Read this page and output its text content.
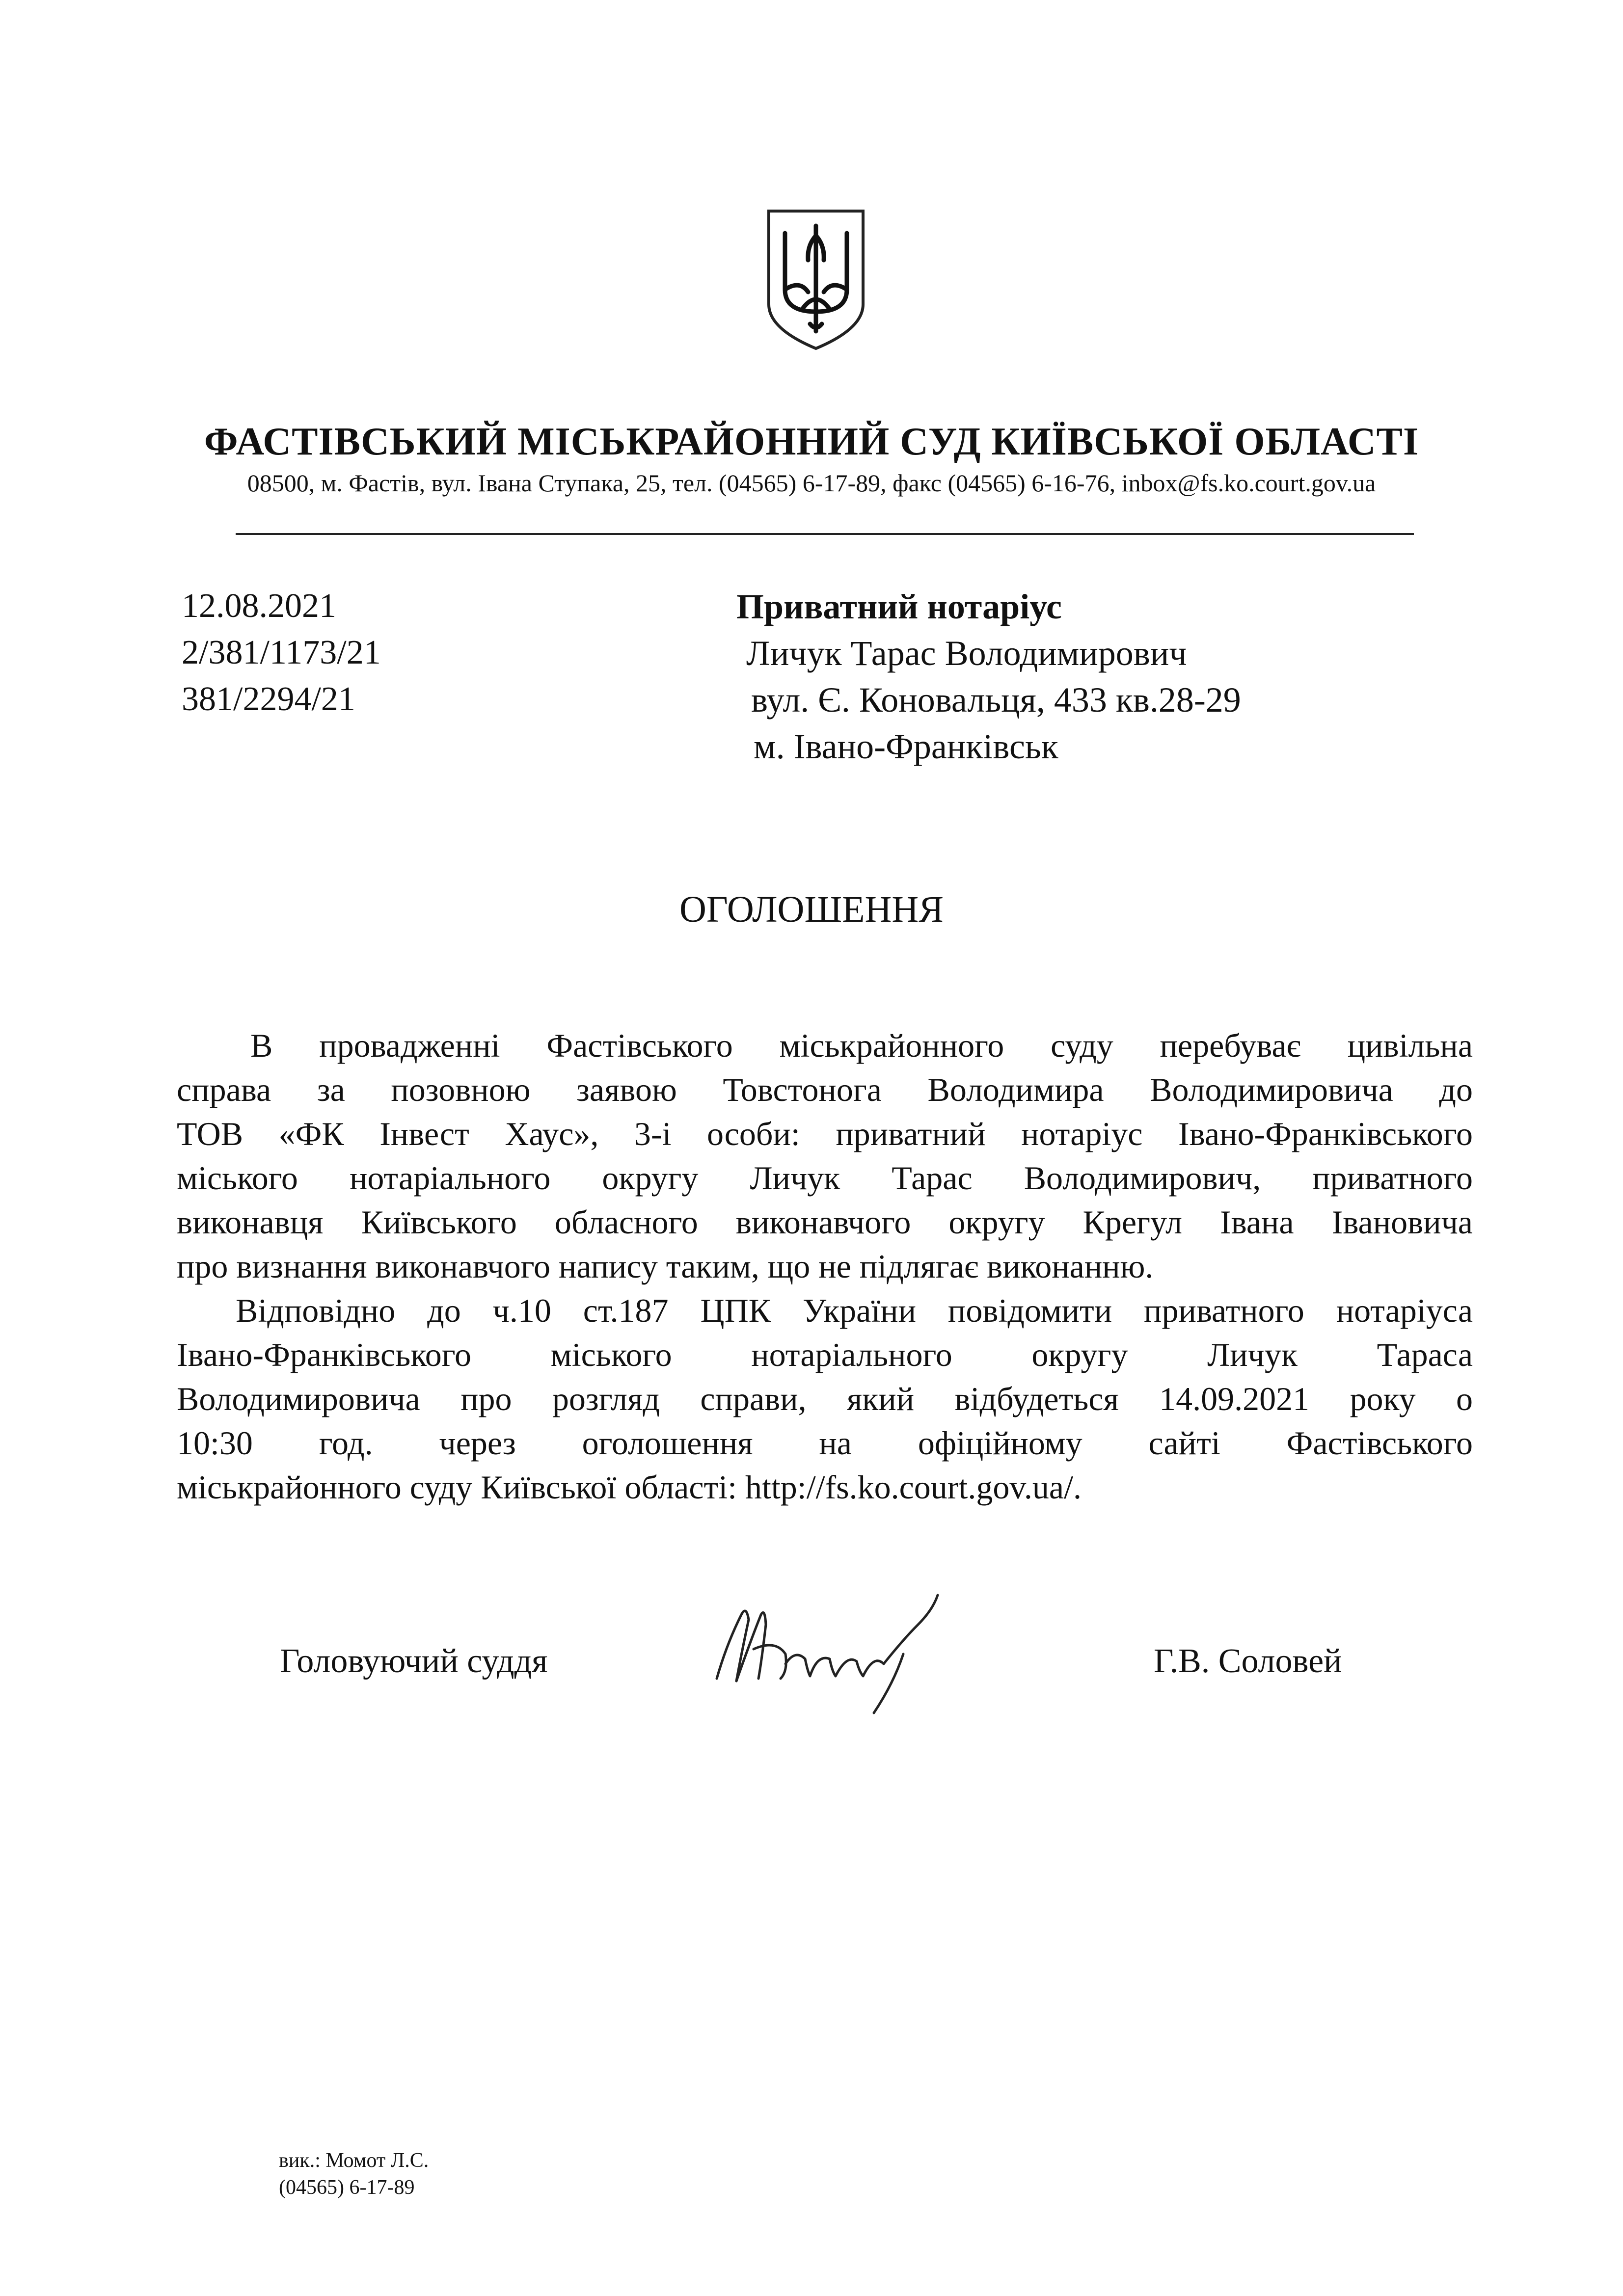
ФАСТІВСЬКИЙ МІСЬКРАЙОННИЙ СУД КИЇВСЬКОЇ ОБЛАСТІ
08500, м. Фастів, вул. Івана Ступака, 25, тел. (04565) 6-17-89, факс (04565) 6-16-76, inbox@fs.ko.court.gov.ua
12.08.2021
2/381/1173/21
381/2294/21
Приватний нотаріус
Личук Тарас Володимирович
вул. Є. Коновальця, 433 кв.28-29
м. Івано-Франківськ
ОГОЛОШЕННЯ
В провадженні Фастівського міськрайонного суду перебуває цивільна
справа за позовною заявою Товстонога Володимира Володимировича до
ТОВ «ФК Інвест Хаус», 3-і особи: приватний нотаріус Івано-Франківського
міського нотаріального округу Личук Тарас Володимирович, приватного
виконавця Київського обласного виконавчого округу Крегул Івана Івановича
про визнання виконавчого напису таким, що не підлягає виконанню.
Відповідно до ч.10 ст.187 ЦПК України повідомити приватного нотаріуса
Івано-Франківського міського нотаріального округу Личук Тараса
Володимировича про розгляд справи, який відбудеться 14.09.2021 року о
10:30 год. через оголошення на офіційному сайті Фастівського
міськрайонного суду Київської області: http://fs.ko.court.gov.ua/.
Головуючий суддя	Г.В. Соловей
вик.: Момот Л.С.
(04565) 6-17-89
